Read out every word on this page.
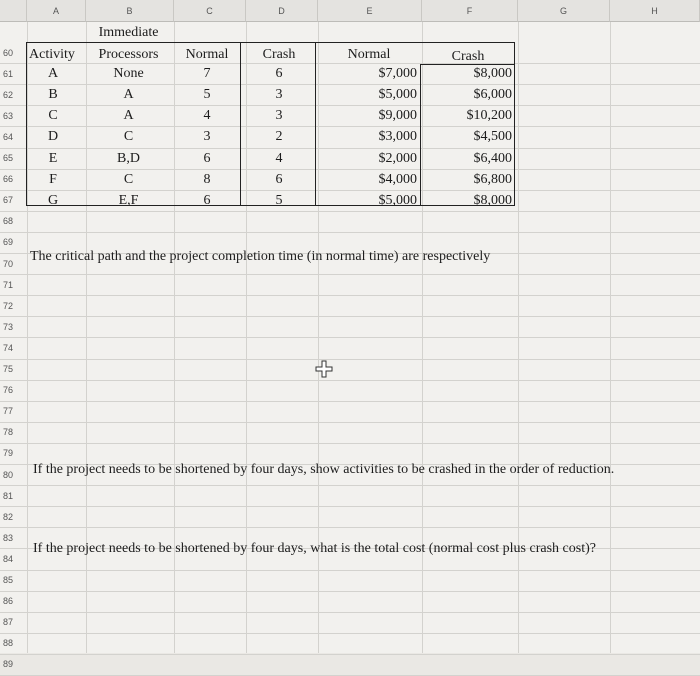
A	B	C	D	E	F	G	H
60
61
62
63
64
65
66
67
68
69
70
71
72
73
74
75
76
77
78
79
80
81
82
83
84
85
86
87
88
89
Immediate
Activity	Processors	Normal	Crash	Normal	Crash
A	None	7	6	$7,000	$8,000
B	A	5	3	$5,000	$6,000
C	A	4	3	$9,000	$10,200
D	C	3	2	$3,000	$4,500
E	B,D	6	4	$2,000	$6,400
F	C	8	6	$4,000	$6,800
G	E,F	6	5	$5,000	$8,000
The critical path and the project completion time (in normal time) are respectively
If the project needs to be shortened by four days, show activities to be crashed in the order of reduction.
If the project needs to be shortened by four days, what is the total cost (normal cost plus crash cost)?
